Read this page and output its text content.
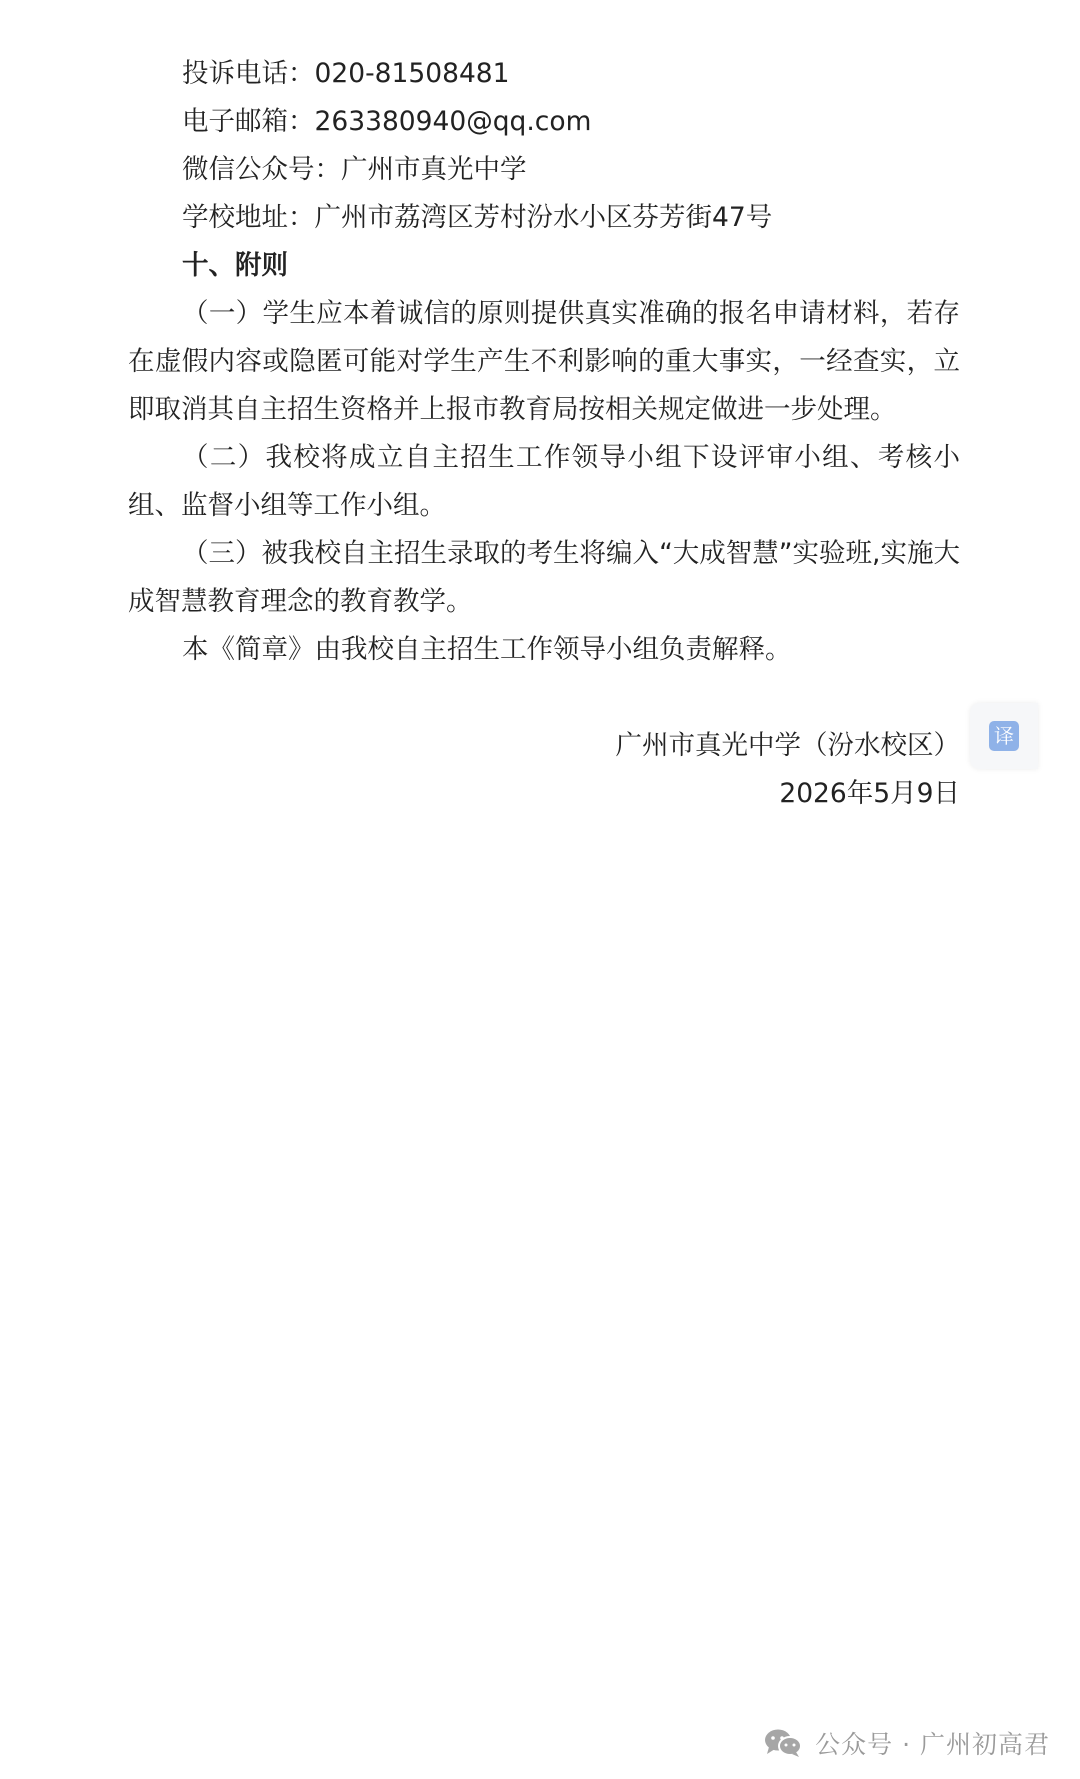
投诉电话：020-81508481
电子邮箱：263380940@qq.com
微信公众号：广州市真光中学
学校地址：广州市荔湾区芳村汾水小区芬芳街47号
十、附则

（一）学生应本着诚信的原则提供真实准确的报名申请材料，若存在虚假内容或隐匿可能对学生产生不利影响的重大事实，一经查实，立即取消其自主招生资格并上报市教育局按相关规定做进一步处理。

（二）我校将成立自主招生工作领导小组下设评审小组、考核小组、监督小组等工作小组。

（三）被我校自主招生录取的考生将编入“大成智慧”实验班,实施大成智慧教育理念的教育教学。

本《简章》由我校自主招生工作领导小组负责解释。

广州市真光中学（汾水校区）
2026年5月9日
译
公众号 · 广州初高君
